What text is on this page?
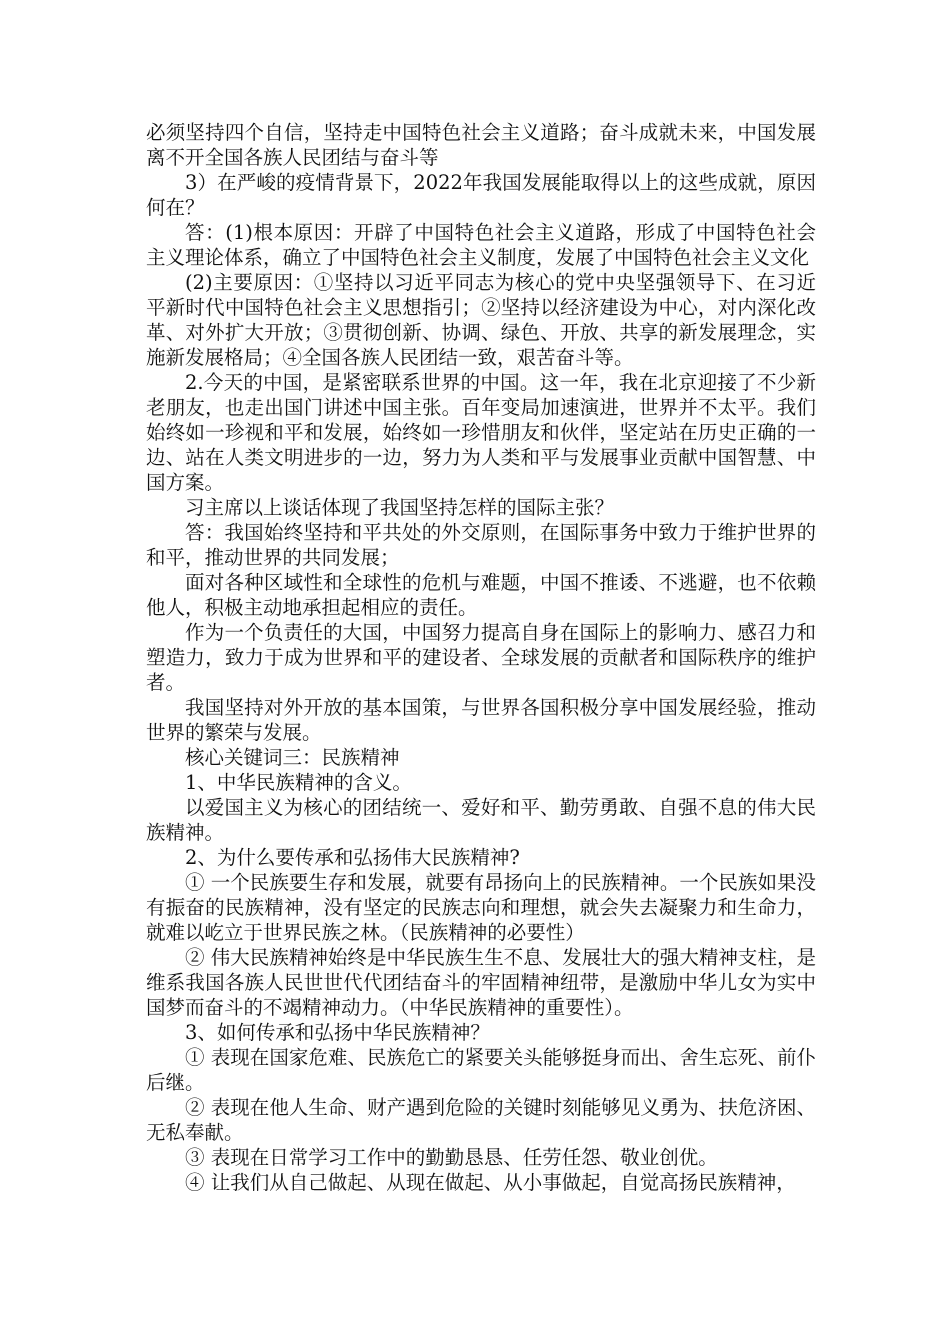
必须坚持四个自信，坚持走中国特色社会主义道路；奋斗成就未来，中国发展离不开全国各族人民团结与奋斗等

3）在严峻的疫情背景下，2022年我国发展能取得以上的这些成就，原因何在？

答：(1)根本原因：开辟了中国特色社会主义道路，形成了中国特色社会主义理论体系，确立了中国特色社会主义制度，发展了中国特色社会主义文化

(2)主要原因：①坚持以习近平同志为核心的党中央坚强领导下、在习近平新时代中国特色社会主义思想指引；②坚持以经济建设为中心，对内深化改革、对外扩大开放；③贯彻创新、协调、绿色、开放、共享的新发展理念，实施新发展格局；④全国各族人民团结一致，艰苦奋斗等。

2.今天的中国，是紧密联系世界的中国。这一年，我在北京迎接了不少新老朋友，也走出国门讲述中国主张。百年变局加速演进，世界并不太平。我们始终如一珍视和平和发展，始终如一珍惜朋友和伙伴，坚定站在历史正确的一边、站在人类文明进步的一边，努力为人类和平与发展事业贡献中国智慧、中国方案。

习主席以上谈话体现了我国坚持怎样的国际主张？

答：我国始终坚持和平共处的外交原则，在国际事务中致力于维护世界的和平，推动世界的共同发展；

面对各种区域性和全球性的危机与难题，中国不推诿、不逃避，也不依赖他人，积极主动地承担起相应的责任。

作为一个负责任的大国，中国努力提高自身在国际上的影响力、感召力和塑造力，致力于成为世界和平的建设者、全球发展的贡献者和国际秩序的维护者。

我国坚持对外开放的基本国策，与世界各国积极分享中国发展经验，推动世界的繁荣与发展。

核心关键词三：民族精神

1、中华民族精神的含义。

以爱国主义为核心的团结统一、爱好和平、勤劳勇敢、自强不息的伟大民族精神。

2、为什么要传承和弘扬伟大民族精神?

① 一个民族要生存和发展，就要有昂扬向上的民族精神。一个民族如果没有振奋的民族精神，没有坚定的民族志向和理想，就会失去凝聚力和生命力，就难以屹立于世界民族之林。（民族精神的必要性）

② 伟大民族精神始终是中华民族生生不息、发展壮大的强大精神支柱，是维系我国各族人民世世代代团结奋斗的牢固精神纽带，是激励中华儿女为实中国梦而奋斗的不竭精神动力。（中华民族精神的重要性）。

3、如何传承和弘扬中华民族精神？

① 表现在国家危难、民族危亡的紧要关头能够挺身而出、舍生忘死、前仆后继。

② 表现在他人生命、财产遇到危险的关键时刻能够见义勇为、扶危济困、无私奉献。

③ 表现在日常学习工作中的勤勤恳恳、任劳任怨、敬业创优。

④ 让我们从自己做起、从现在做起、从小事做起，自觉高扬民族精神，
